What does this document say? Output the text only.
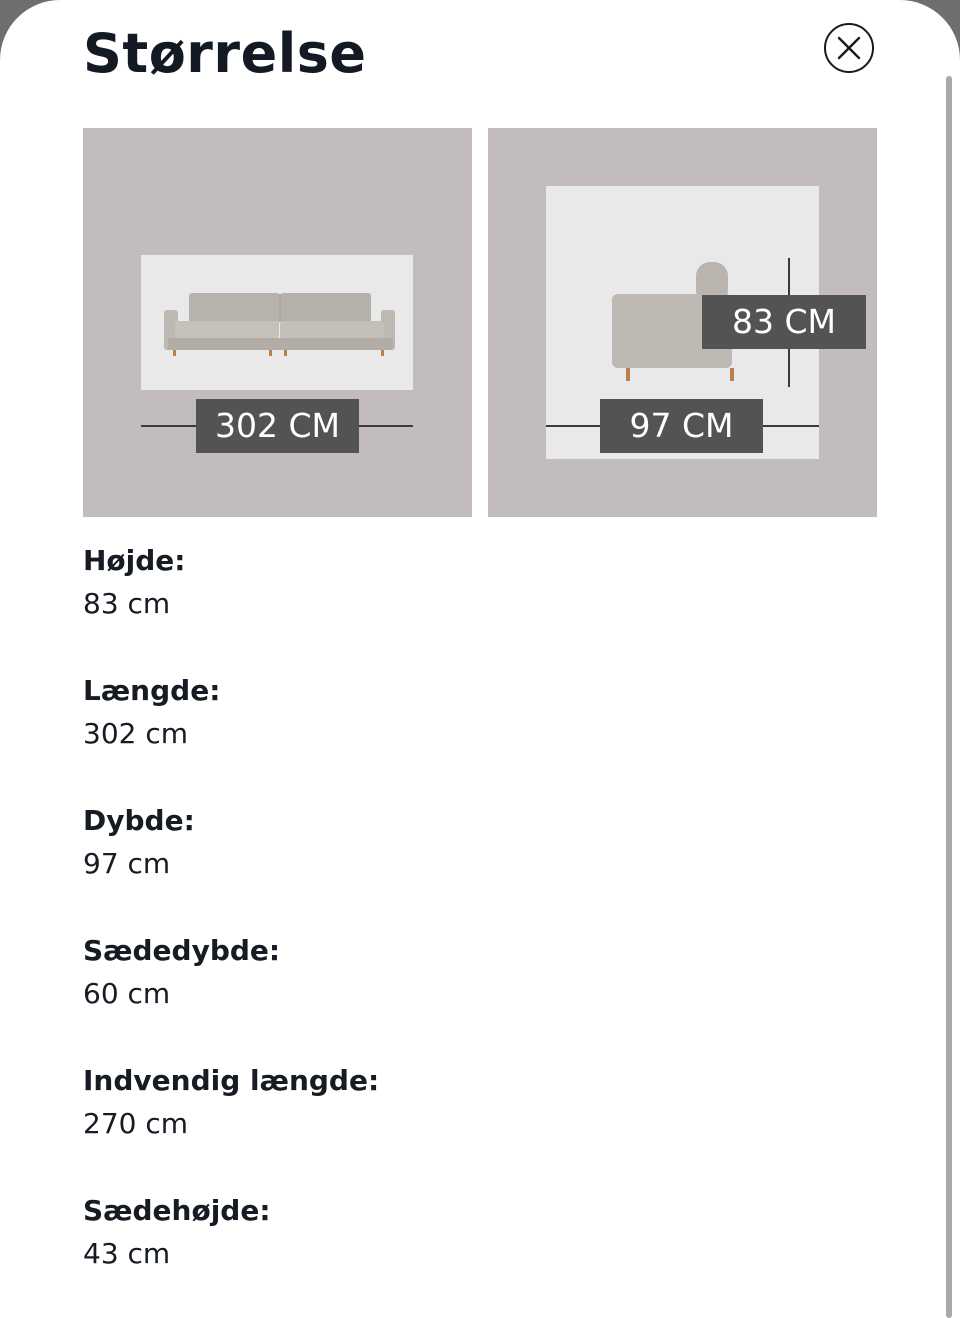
Størrelse
302 CM	97 CM
83 CM
Højde:
83 cm
Længde:
302 cm
Dybde:
97 cm
Sædedybde:
60 cm
Indvendig længde:
270 cm
Sædehøjde:
43 cm
